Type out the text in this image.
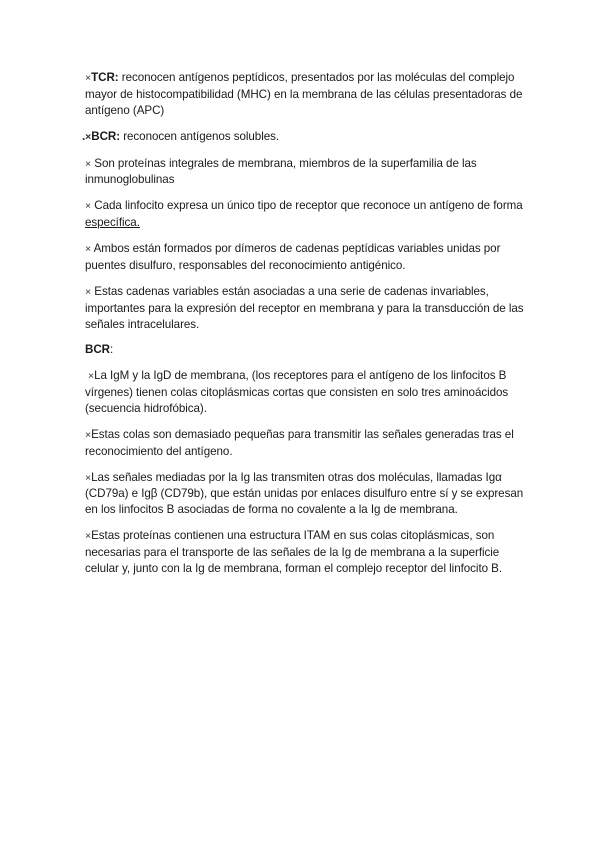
×TCR: reconocen antígenos peptídicos, presentados por las moléculas del complejo mayor de histocompatibilidad (MHC) en la membrana de las células presentadoras de antígeno (APC)

.×BCR: reconocen antígenos solubles.

× Son proteínas integrales de membrana, miembros de la superfamilia de las inmunoglobulinas

× Cada linfocito expresa un único tipo de receptor que reconoce un antígeno de forma específica.

× Ambos están formados por dímeros de cadenas peptídicas variables unidas por puentes disulfuro, responsables del reconocimiento antigénico.

× Estas cadenas variables están asociadas a una serie de cadenas invariables, importantes para la expresión del receptor en membrana y para la transducción de las señales intracelulares.

BCR:

×La IgM y la IgD de membrana, (los receptores para el antígeno de los linfocitos B vírgenes) tienen colas citoplásmicas cortas que consisten en solo tres aminoácidos (secuencia hidrofóbica).

×Estas colas son demasiado pequeñas para transmitir las señales generadas tras el reconocimiento del antígeno.

×Las señales mediadas por la Ig las transmiten otras dos moléculas, llamadas Igα (CD79a) e Igβ (CD79b), que están unidas por enlaces disulfuro entre sí y se expresan en los linfocitos B asociadas de forma no covalente a la Ig de membrana.

×Estas proteínas contienen una estructura ITAM en sus colas citoplásmicas, son necesarias para el transporte de las señales de la Ig de membrana a la superficie celular y, junto con la Ig de membrana, forman el complejo receptor del linfocito B.
